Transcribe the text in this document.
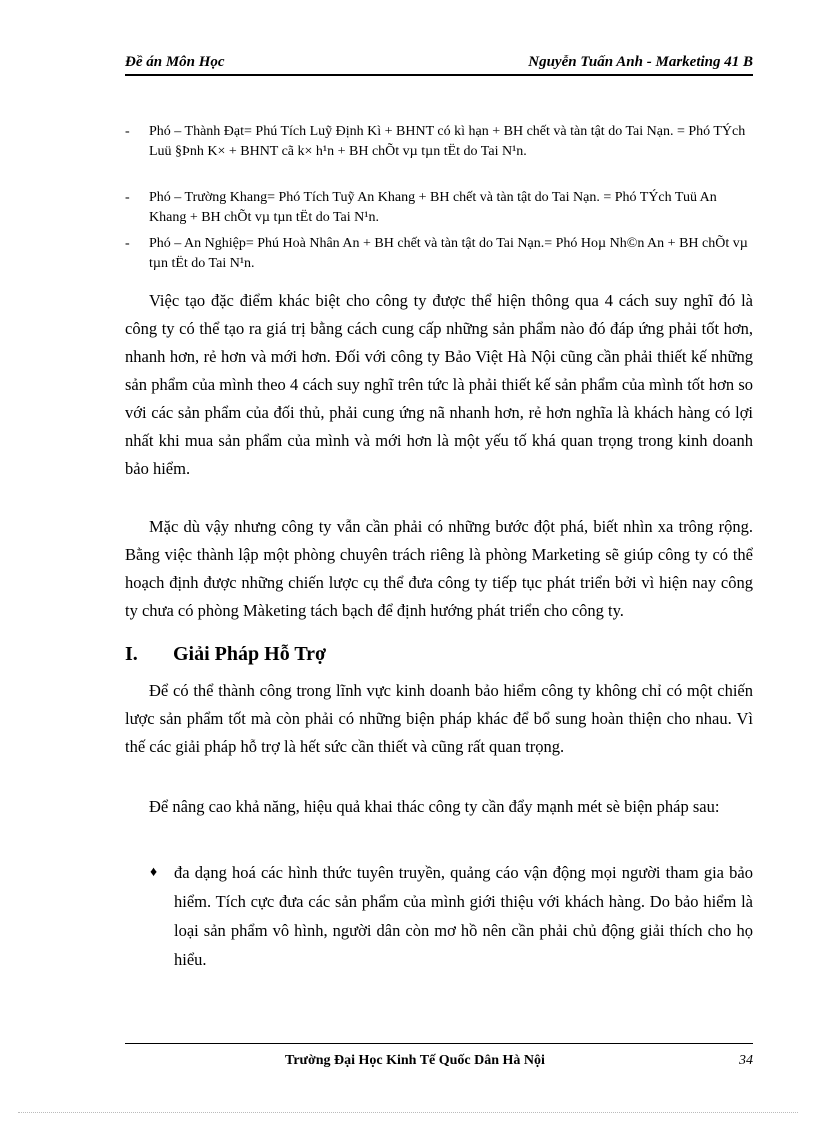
Đề án Môn Học	Nguyễn Tuấn Anh - Marketing 41 B
- Phó – Thành Đạt= Phú Tích Luỹ Định Kì + BHNT có kì hạn + BH chết và tàn tật do Tai Nạn. = Phó TÝch Luü §Þnh K× + BHNT cã k× h¹n + BH chÕt vµ tµn tËt do Tai N¹n.
- Phó – Trường Khang= Phó Tích Tuỹ An Khang + BH chết và tàn tật do Tai Nạn. = Phó TÝch Tuü An Khang + BH chÕt vµ tµn tËt do Tai N¹n.
- Phó – An Nghiệp= Phú Hoà Nhân An + BH chết và tàn tật do Tai Nạn.= Phó Hoµ Nh©n An + BH chÕt vµ tµn tËt do Tai N¹n.
Việc tạo đặc điểm khác biệt cho công ty được thể hiện thông qua 4 cách suy nghĩ đó là công ty có thể tạo ra giá trị bằng cách cung cấp những sản phẩm nào đó đáp ứng phải tốt hơn, nhanh hơn, rẻ hơn và mới hơn. Đối với công ty Bảo Việt Hà Nội cũng cần phải thiết kế những sản phẩm của mình theo 4 cách suy nghĩ trên tức là phải thiết kế sản phẩm của mình tốt hơn so với các sản phẩm của đối thủ, phải cung ứng nã nhanh hơn, rẻ hơn nghĩa là khách hàng có lợi nhất khi mua sản phẩm của mình và mới hơn là một yếu tố khá quan trọng trong kinh doanh bảo hiểm.
Mặc dù vậy nhưng công ty vẫn cần phải có những bước đột phá, biết nhìn xa trông rộng. Bằng việc thành lập một phòng chuyên trách riêng là phòng Marketing sẽ giúp công ty có thể hoạch định được những chiến lược cụ thể đưa công ty tiếp tục phát triển bởi vì hiện nay công ty chưa có phòng Màketing tách bạch để định hướng phát triển cho công ty.
I. Giải Pháp Hỗ Trợ
Để có thể thành công trong lĩnh vực kinh doanh bảo hiểm công ty không chỉ có một chiến lược sản phẩm tốt mà còn phải có những biện pháp khác để bổ sung hoàn thiện cho nhau. Vì thế các giải pháp hỗ trợ là hết sức cần thiết và cũng rất quan trọng.
Để nâng cao khả năng, hiệu quả khai thác công ty cần đẩy mạnh mét sè biện pháp sau:
♦ đa dạng hoá các hình thức tuyên truyền, quảng cáo vận động mọi người tham gia bảo hiểm. Tích cực đưa các sản phẩm của mình giới thiệu với khách hàng. Do bảo hiểm là loại sản phẩm vô hình, người dân còn mơ hồ nên cần phải chủ động giải thích cho họ hiểu.
Trường Đại Học Kinh Tế Quốc Dân Hà Nội	34
